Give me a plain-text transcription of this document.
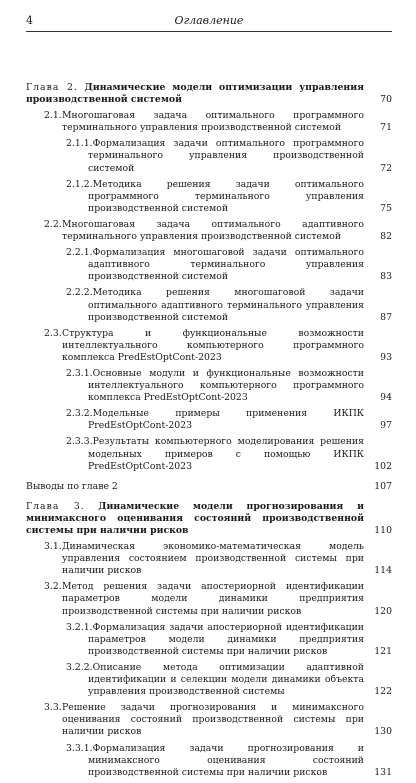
4	Оглавление
Глава 2. Динамические модели оптимизации управления производственной системой	70
2.1.Многошаговая задача оптимального программного терминального управления производственной системой	71
2.1.1.Формализация задачи оптимального программного терминального управления производственной системой	72
2.1.2.Методика решения задачи оптимального программного терминального управления производственной системой	75
2.2.Многошаговая задача оптимального адаптивного терминального управления производственной системой	82
2.2.1.Формализация многошаговой задачи оптимального адаптивного терминального управления производственной системой	83
2.2.2.Методика решения многошаговой задачи оптимального адаптивного терминального управления производственной системой	87
2.3.Структура и функциональные возможности интеллектуального компьютерного программного комплекса PredEstOptCont-2023	93
2.3.1.Основные модули и функциональные возможности интеллектуального компьютерного программного комплекса PredEstOptCont-2023	94
2.3.2.Модельные примеры применения ИКПК PredEstOptCont-2023	97
2.3.3.Результаты компьютерного моделирования решения модельных примеров с помощью ИКПК PredEstOptCont-2023	102
Выводы по главе 2	107
Глава 3. Динамические модели прогнозирования и минимаксного оценивания состояний производственной системы при наличии рисков	110
3.1.Динамическая экономико-математическая модель управления состоянием производственной системы при наличии рисков	114
3.2.Метод решения задачи апостериорной идентификации параметров модели динамики предприятия производственной системы при наличии рисков	120
3.2.1.Формализация задачи апостериорной идентификации параметров модели динамики предприятия производственной системы при наличии рисков	121
3.2.2.Описание метода оптимизации адаптивной идентификации и селекции модели динамики объекта управления производственной системы	122
3.3.Решение задачи прогнозирования и минимаксного оценивания состояний производственной системы при наличии рисков	130
3.3.1.Формализация задачи прогнозирования и минимаксного оценивания состояний производственной системы при наличии рисков	131
